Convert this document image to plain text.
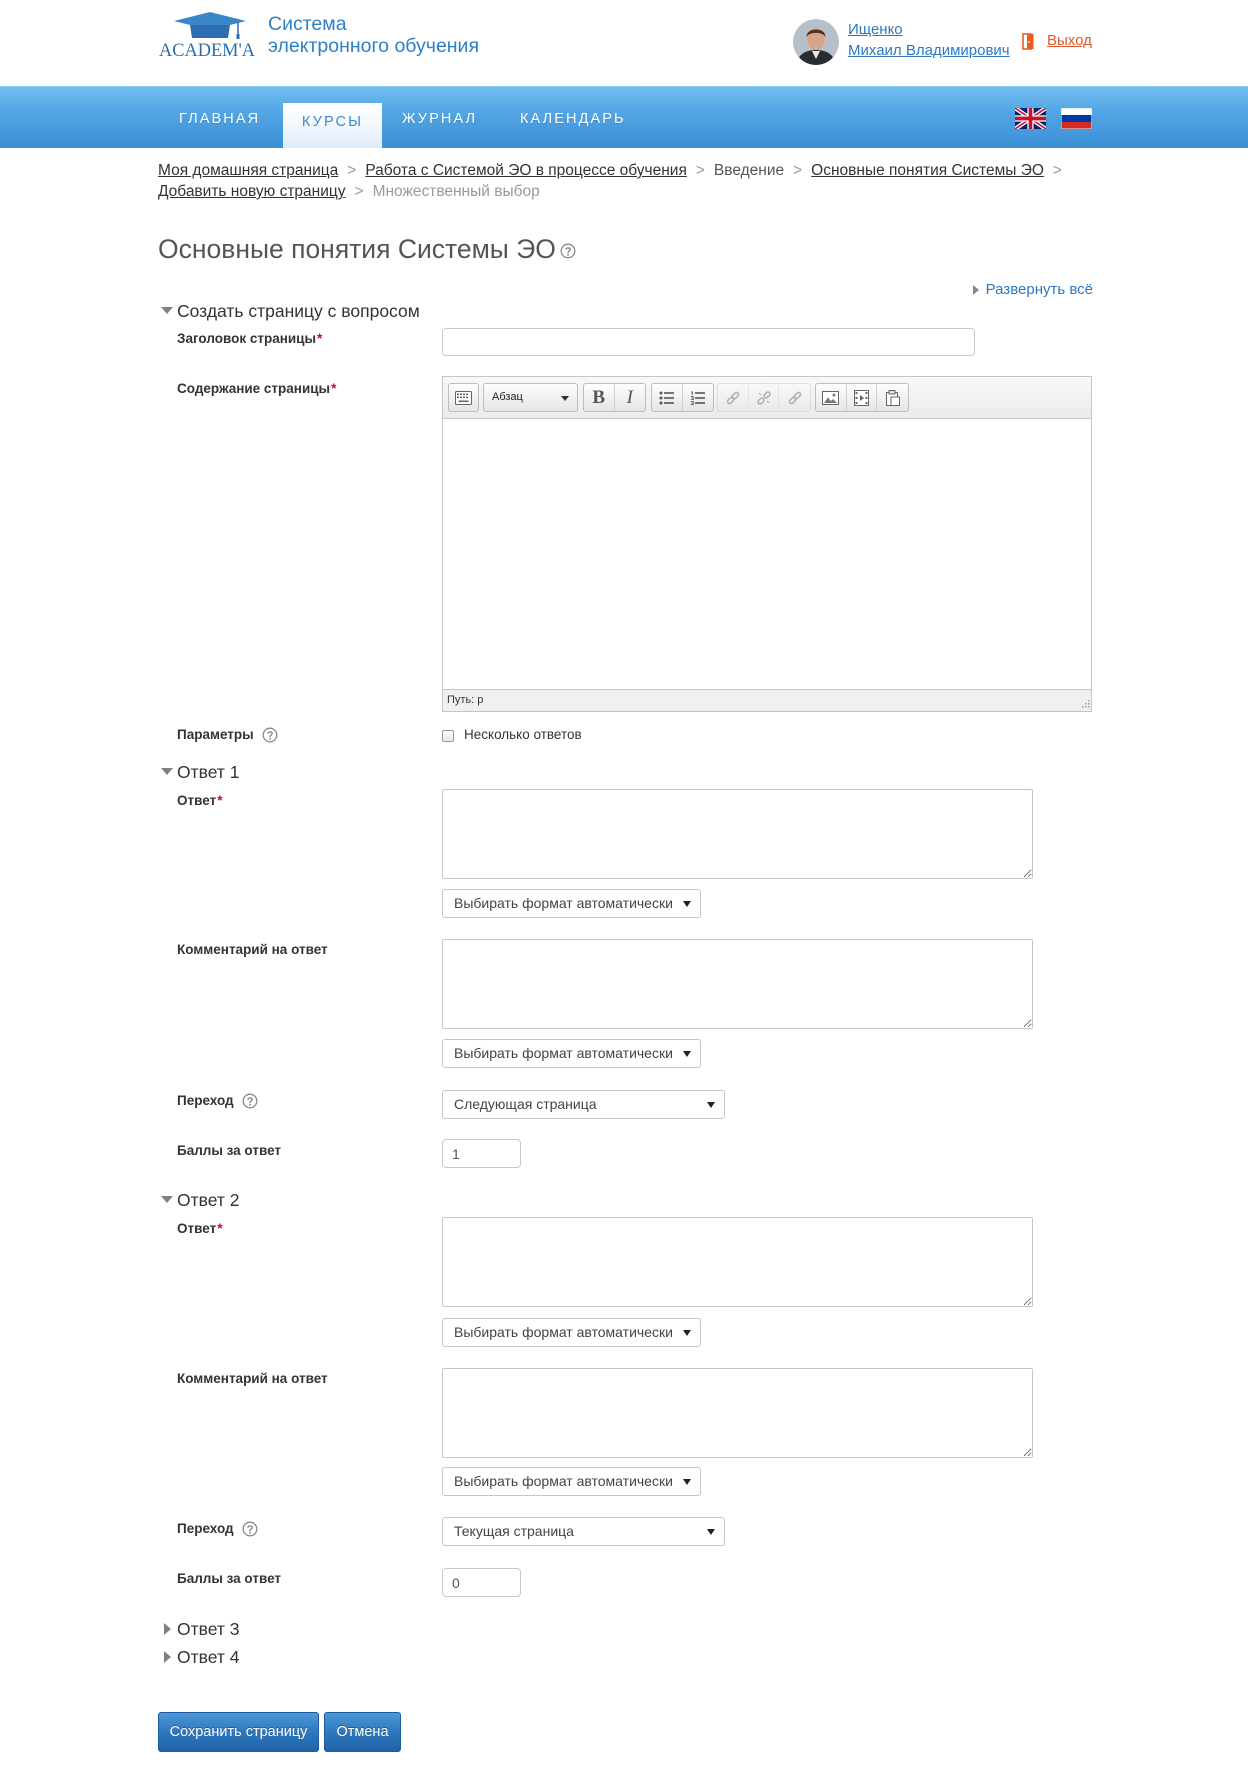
ACADEM'A
Система
электронного обучения
Ищенко
Михаил Владимирович
Выход
ГЛАВНАЯ	КУРСЫ	ЖУРНАЛ	КАЛЕНДАРЬ
Моя домашняя страница > Работа с Системой ЭО в процессе обучения > Введение > Основные понятия Системы ЭО >
Добавить новую страницу > Множественный выбор
Основные понятия Системы ЭО
Развернуть всё
Создать страницу с вопросом
Заголовок страницы *
Содержание страницы *
Абзац	B I
Путь: p
Параметры	Несколько ответов
Ответ 1
Ответ *
Выбирать формат автоматически
Комментарий на ответ
Выбирать формат автоматически
Переход	Следующая страница
Баллы за ответ
1
Ответ 2
Ответ *
Выбирать формат автоматически
Комментарий на ответ
Выбирать формат автоматически
Переход	Текущая страница
Баллы за ответ
0
Ответ 3
Ответ 4
Сохранить страницу	Отмена
